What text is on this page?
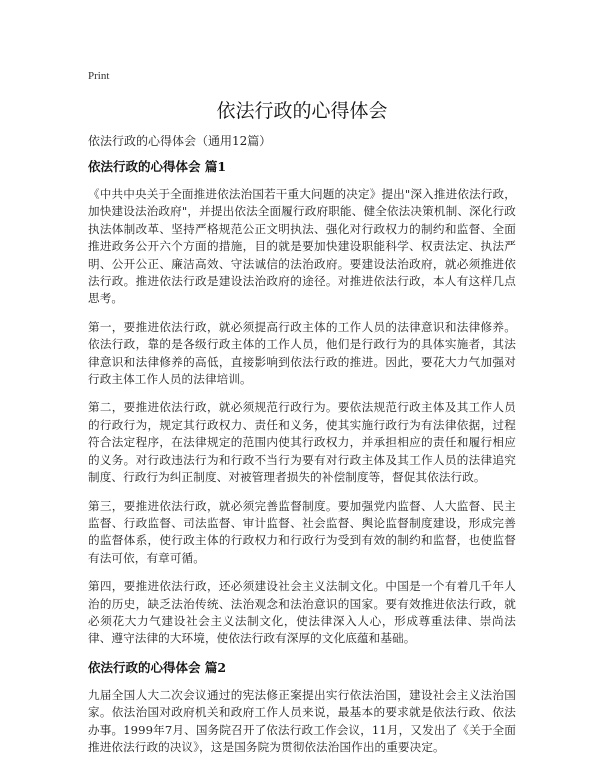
Print
依法行政的心得体会

依法行政的心得体会（通用12篇）

依法行政的心得体会 篇1

《中共中央关于全面推进依法治国若干重大问题的决定》提出"深入推进依法行政，加快建设法治政府"，并提出依法全面履行政府职能、健全依法决策机制、深化行政执法体制改革、坚持严格规范公正文明执法、强化对行政权力的制约和监督、全面推进政务公开六个方面的措施，目的就是要加快建设职能科学、权责法定、执法严明、公开公正、廉洁高效、守法诚信的法治政府。要建设法治政府，就必须推进依法行政。推进依法行政是建设法治政府的途径。对推进依法行政，本人有这样几点思考。

第一，要推进依法行政，就必须提高行政主体的工作人员的法律意识和法律修养。依法行政，靠的是各级行政主体的工作人员，他们是行政行为的具体实施者，其法律意识和法律修养的高低，直接影响到依法行政的推进。因此，要花大力气加强对行政主体工作人员的法律培训。

第二，要推进依法行政，就必须规范行政行为。要依法规范行政主体及其工作人员的行政行为，规定其行政权力、责任和义务，使其实施行政行为有法律依据，过程符合法定程序，在法律规定的范围内使其行政权力，并承担相应的责任和履行相应的义务。对行政违法行为和行政不当行为要有对行政主体及其工作人员的法律追究制度、行政行为纠正制度、对被管理者损失的补偿制度等，督促其依法行政。

第三，要推进依法行政，就必须完善监督制度。要加强党内监督、人大监督、民主监督、行政监督、司法监督、审计监督、社会监督、舆论监督制度建设，形成完善的监督体系，使行政主体的行政权力和行政行为受到有效的制约和监督，也使监督有法可依，有章可循。

第四，要推进依法行政，还必须建设社会主义法制文化。中国是一个有着几千年人治的历史，缺乏法治传统、法治观念和法治意识的国家。要有效推进依法行政，就必须花大力气建设社会主义法制文化，使法律深入人心，形成尊重法律、崇尚法律、遵守法律的大环境，使依法行政有深厚的文化底蕴和基础。

依法行政的心得体会 篇2

九届全国人大二次会议通过的宪法修正案提出实行依法治国，建设社会主义法治国家。依法治国对政府机关和政府工作人员来说，最基本的要求就是依法行政、依法办事。1999年7月、国务院召开了依法行政工作会议，11月，又发出了《关于全面推进依法行政的决议》，这是国务院为贯彻依法治国作出的重要决定。
